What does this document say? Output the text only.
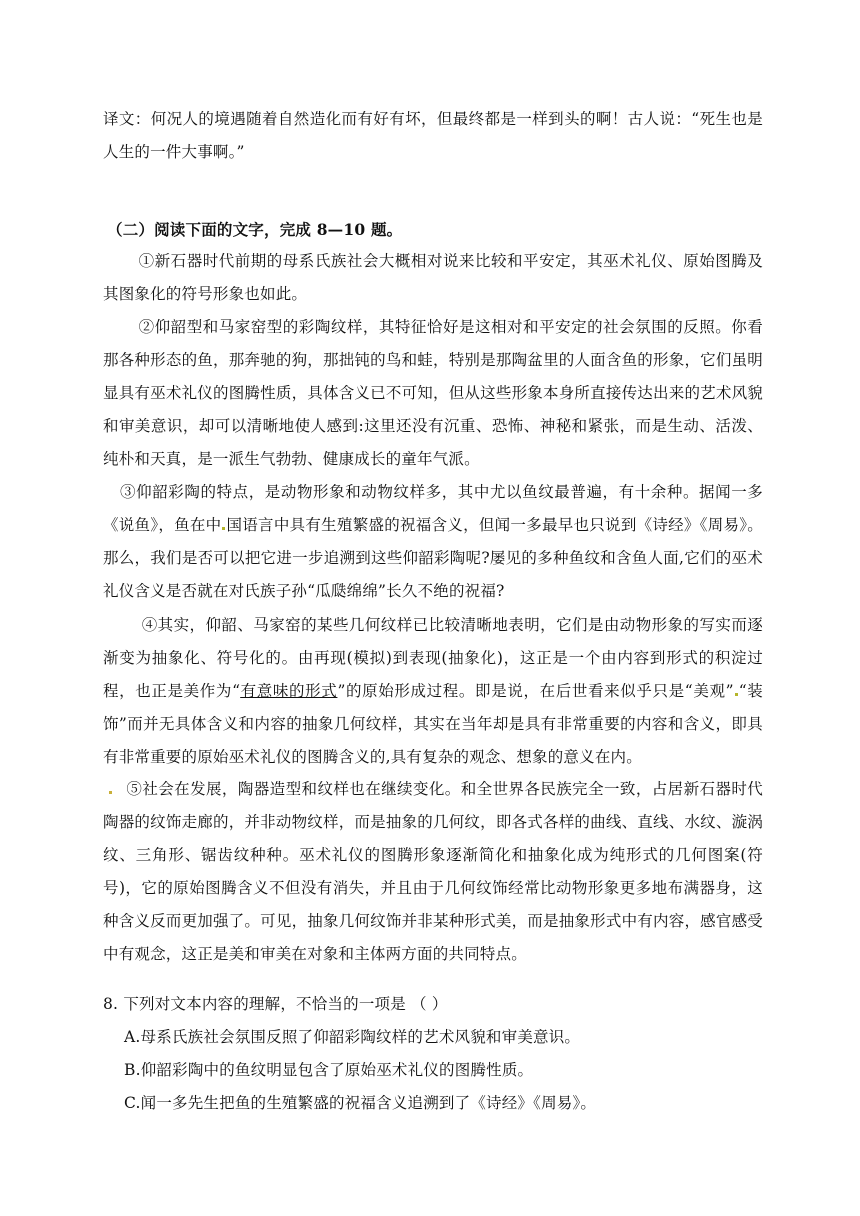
译文：何况人的境遇随着自然造化而有好有坏，但最终都是一样到头的啊！古人说：“死生也是人生的一件大事啊。”
（二）阅读下面的文字，完成 8—10 题。
①新石器时代前期的母系氏族社会大概相对说来比较和平安定，其巫术礼仪、原始图腾及其图象化的符号形象也如此。
②仰韶型和马家窑型的彩陶纹样，其特征恰好是这相对和平安定的社会氛围的反照。你看那各种形态的鱼，那奔驰的狗，那拙钝的鸟和蛙，特别是那陶盆里的人面含鱼的形象，它们虽明显具有巫术礼仪的图腾性质，具体含义已不可知，但从这些形象本身所直接传达出来的艺术风貌和审美意识，却可以清晰地使人感到:这里还没有沉重、恐怖、神秘和紧张，而是生动、活泼、纯朴和天真，是一派生气勃勃、健康成长的童年气派。
③仰韶彩陶的特点，是动物形象和动物纹样多，其中尤以鱼纹最普遍，有十余种。据闻一多《说鱼》，鱼在中 国语言中具有生殖繁盛的祝福含义，但闻一多最早也只说到《诗经》《周易》。那么，我们是否可以把它进一步追溯到这些仰韶彩陶呢?屡见的多种鱼纹和含鱼人面,它们的巫术礼仪含义是否就在对氏族子孙“瓜瓞绵绵”长久不绝的祝福?
④其实，仰韶、马家窑的某些几何纹样已比较清晰地表明，它们是由动物形象的写实而逐渐变为抽象化、符号化的。由再现(模拟)到表现(抽象化)，这正是一个由内容到形式的积淀过程，也正是美作为“有意味的形式”的原始形成过程。即是说，在后世看来似乎只是“美观” “装饰”而并无具体含义和内容的抽象几何纹样，其实在当年却是具有非常重要的内容和含义，即具有非常重要的原始巫术礼仪的图腾含义的,具有复杂的观念、想象的意义在内。
⑤社会在发展，陶器造型和纹样也在继续变化。和全世界各民族完全一致，占居新石器时代陶器的纹饰走廊的，并非动物纹样，而是抽象的几何纹，即各式各样的曲线、直线、水纹、漩涡纹、三角形、锯齿纹种种。巫术礼仪的图腾形象逐渐简化和抽象化成为纯形式的几何图案(符号)，它的原始图腾含义不但没有消失，并且由于几何纹饰经常比动物形象更多地布满器身，这种含义反而更加强了。可见，抽象几何纹饰并非某种形式美，而是抽象形式中有内容，感官感受中有观念，这正是美和审美在对象和主体两方面的共同特点。
8. 下列对文本内容的理解，不恰当的一项是 （ ）
A.母系氏族社会氛围反照了仰韶彩陶纹样的艺术风貌和审美意识。
B.仰韶彩陶中的鱼纹明显包含了原始巫术礼仪的图腾性质。
C.闻一多先生把鱼的生殖繁盛的祝福含义追溯到了《诗经》《周易》。
